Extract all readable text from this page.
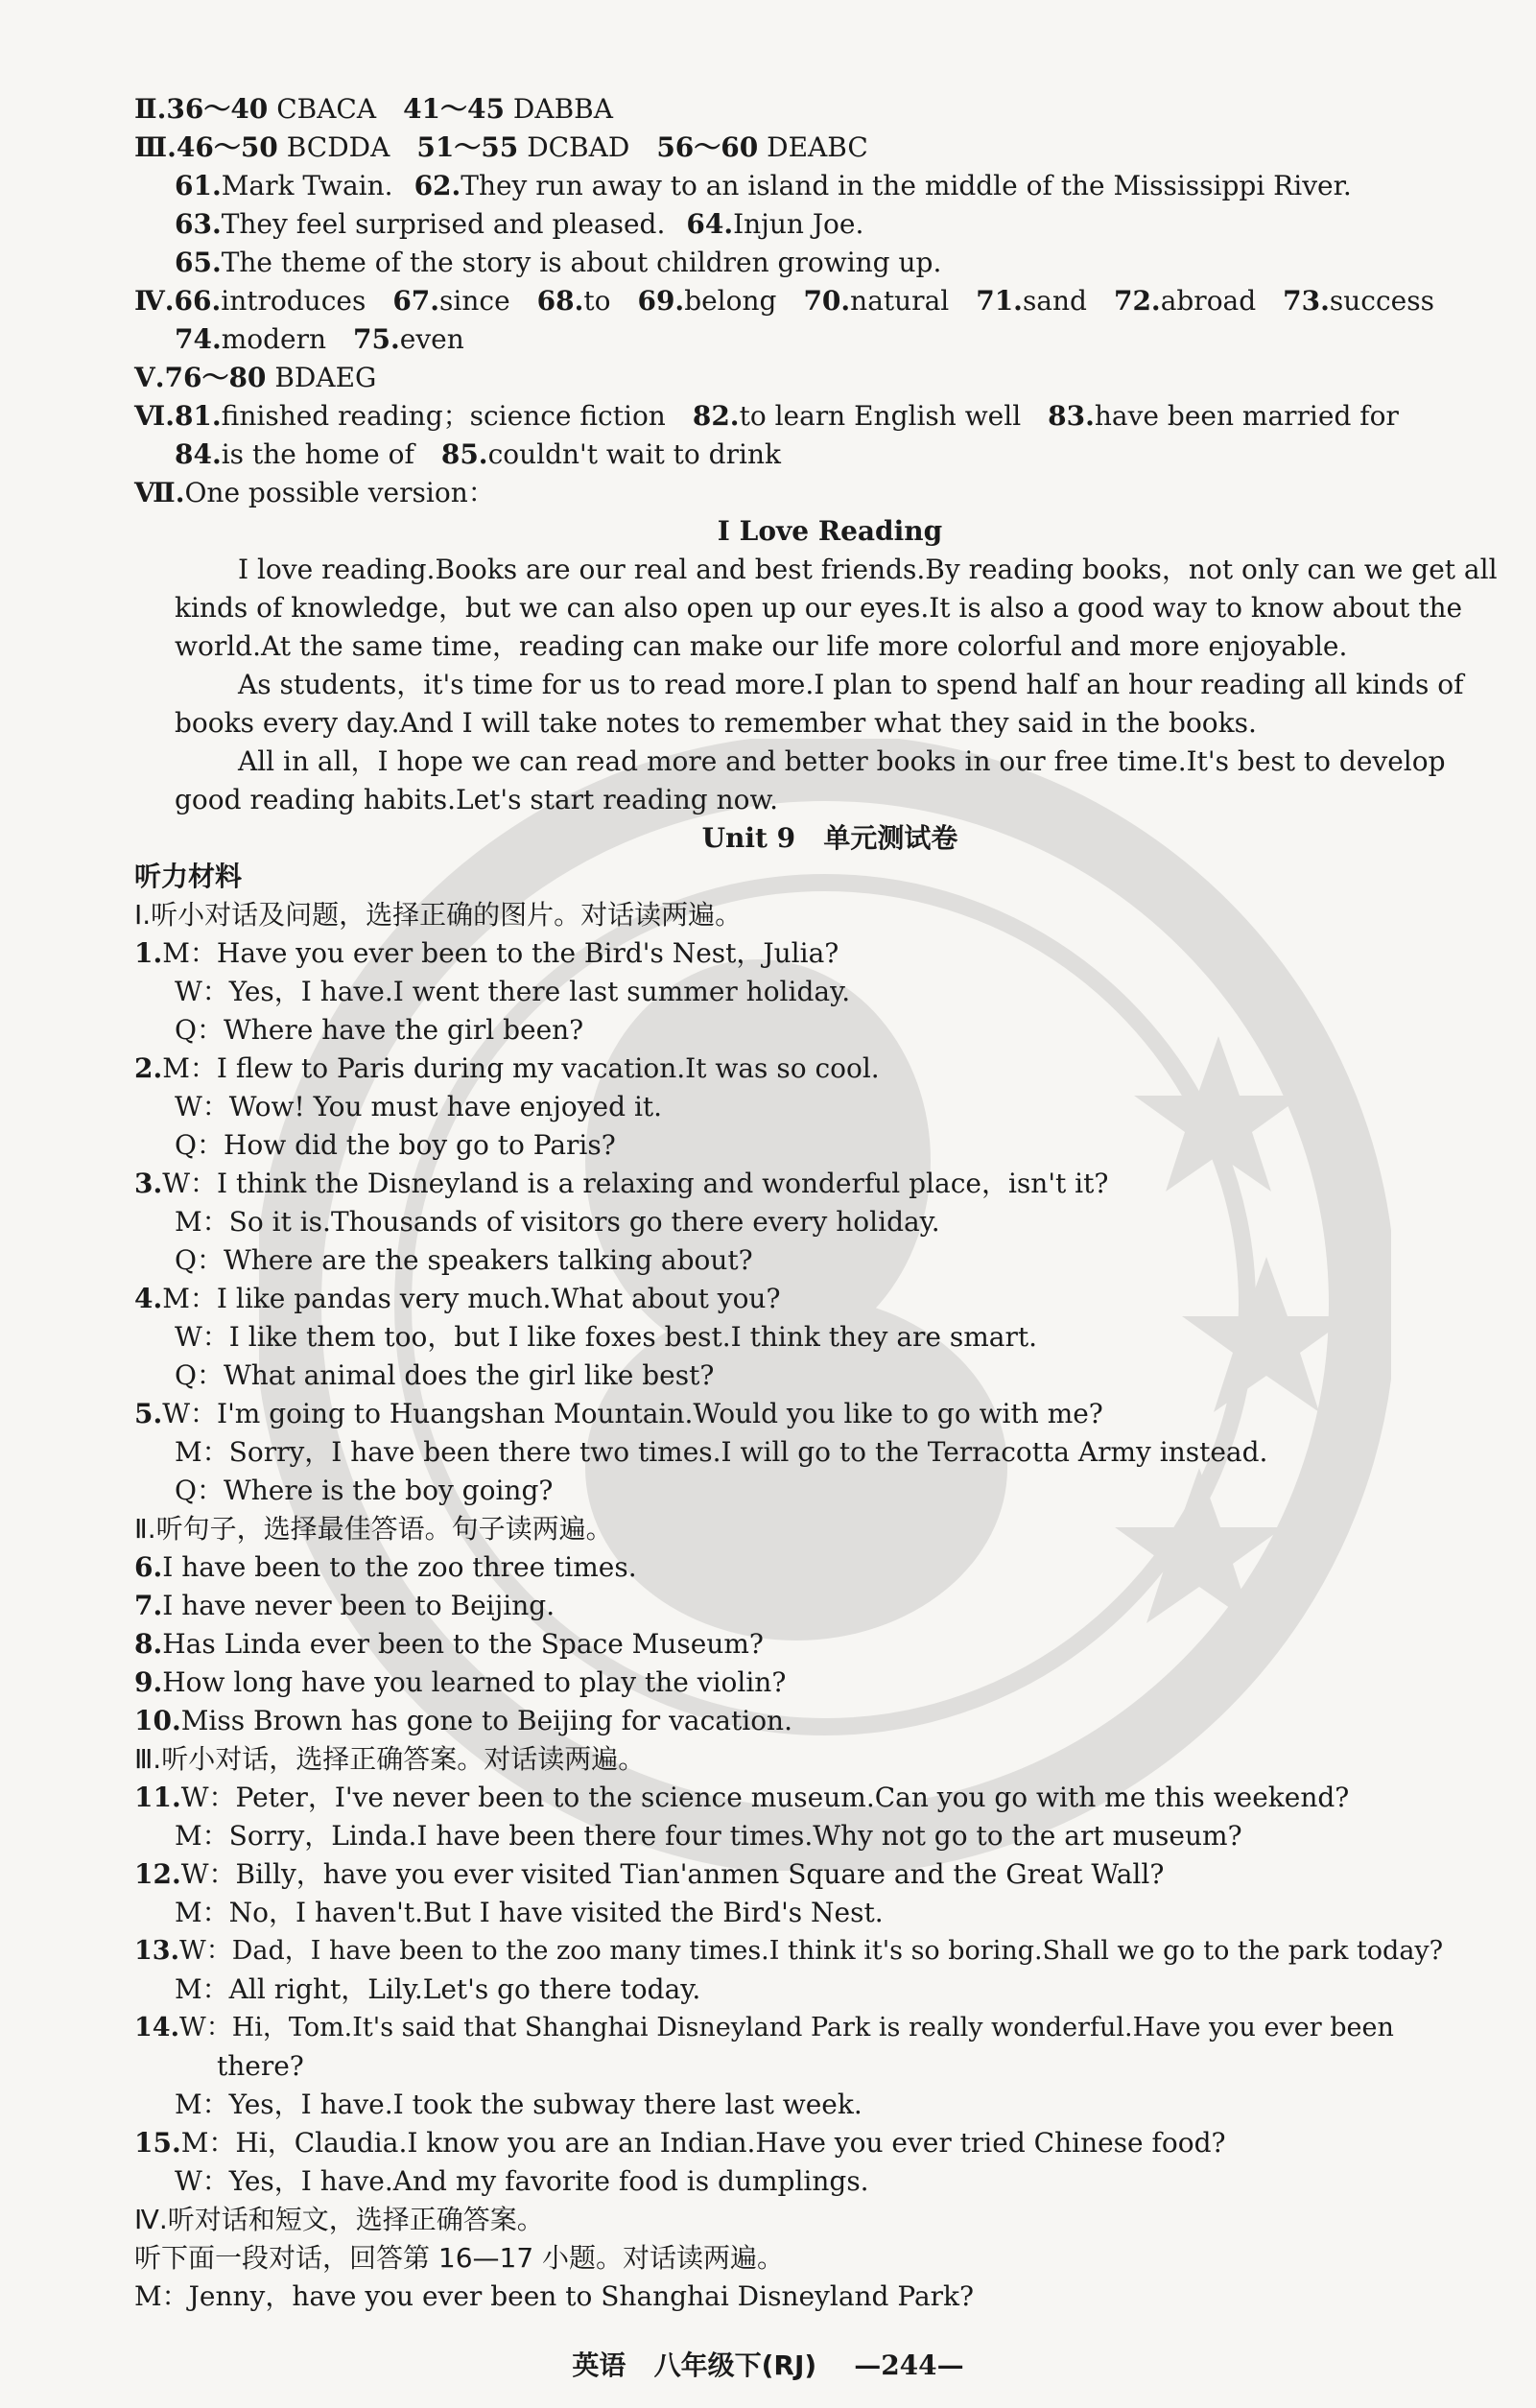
Ⅱ.36～40 CBACA 41～45 DABBA
Ⅲ.46～50 BCDDA 51～55 DCBAD 56～60 DEABC
61.Mark Twain. 62.They run away to an island in the middle of the Mississippi River.
63.They feel surprised and pleased. 64.Injun Joe.
65.The theme of the story is about children growing up.
Ⅳ.66.introduces 67.since 68.to 69.belong 70.natural 71.sand 72.abroad 73.success
74.modern 75.even
Ⅴ.76～80 BDAEG
Ⅵ.81.finished reading；science fiction 82.to learn English well 83.have been married for
84.is the home of 85.couldn't wait to drink
Ⅶ.One possible version：
I Love Reading
I love reading.Books are our real and best friends.By reading books，not only can we get all
kinds of knowledge，but we can also open up our eyes.It is also a good way to know about the
world.At the same time，reading can make our life more colorful and more enjoyable.
As students，it's time for us to read more.I plan to spend half an hour reading all kinds of
books every day.And I will take notes to remember what they said in the books.
All in all，I hope we can read more and better books in our free time.It's best to develop
good reading habits.Let's start reading now.
Unit 9 单元测试卷
听力材料
Ⅰ.听小对话及问题，选择正确的图片。对话读两遍。
1.M：Have you ever been to the Bird's Nest，Julia?
W：Yes，I have.I went there last summer holiday.
Q：Where have the girl been?
2.M：I flew to Paris during my vacation.It was so cool.
W：Wow! You must have enjoyed it.
Q：How did the boy go to Paris?
3.W：I think the Disneyland is a relaxing and wonderful place，isn't it?
M：So it is.Thousands of visitors go there every holiday.
Q：Where are the speakers talking about?
4.M：I like pandas very much.What about you?
W：I like them too，but I like foxes best.I think they are smart.
Q：What animal does the girl like best?
5.W：I'm going to Huangshan Mountain.Would you like to go with me?
M：Sorry，I have been there two times.I will go to the Terracotta Army instead.
Q：Where is the boy going?
Ⅱ.听句子，选择最佳答语。句子读两遍。
6.I have been to the zoo three times.
7.I have never been to Beijing.
8.Has Linda ever been to the Space Museum?
9.How long have you learned to play the violin?
10.Miss Brown has gone to Beijing for vacation.
Ⅲ.听小对话，选择正确答案。对话读两遍。
11.W：Peter，I've never been to the science museum.Can you go with me this weekend?
M：Sorry，Linda.I have been there four times.Why not go to the art museum?
12.W：Billy，have you ever visited Tian'anmen Square and the Great Wall?
M：No，I haven't.But I have visited the Bird's Nest.
13.W：Dad，I have been to the zoo many times.I think it's so boring.Shall we go to the park today?
M：All right，Lily.Let's go there today.
14.W：Hi，Tom.It's said that Shanghai Disneyland Park is really wonderful.Have you ever been
there?
M：Yes，I have.I took the subway there last week.
15.M：Hi，Claudia.I know you are an Indian.Have you ever tried Chinese food?
W：Yes，I have.And my favorite food is dumplings.
Ⅳ.听对话和短文，选择正确答案。
听下面一段对话，回答第 16—17 小题。对话读两遍。
M：Jenny，have you ever been to Shanghai Disneyland Park?
英语 八年级下(RJ) —244—
